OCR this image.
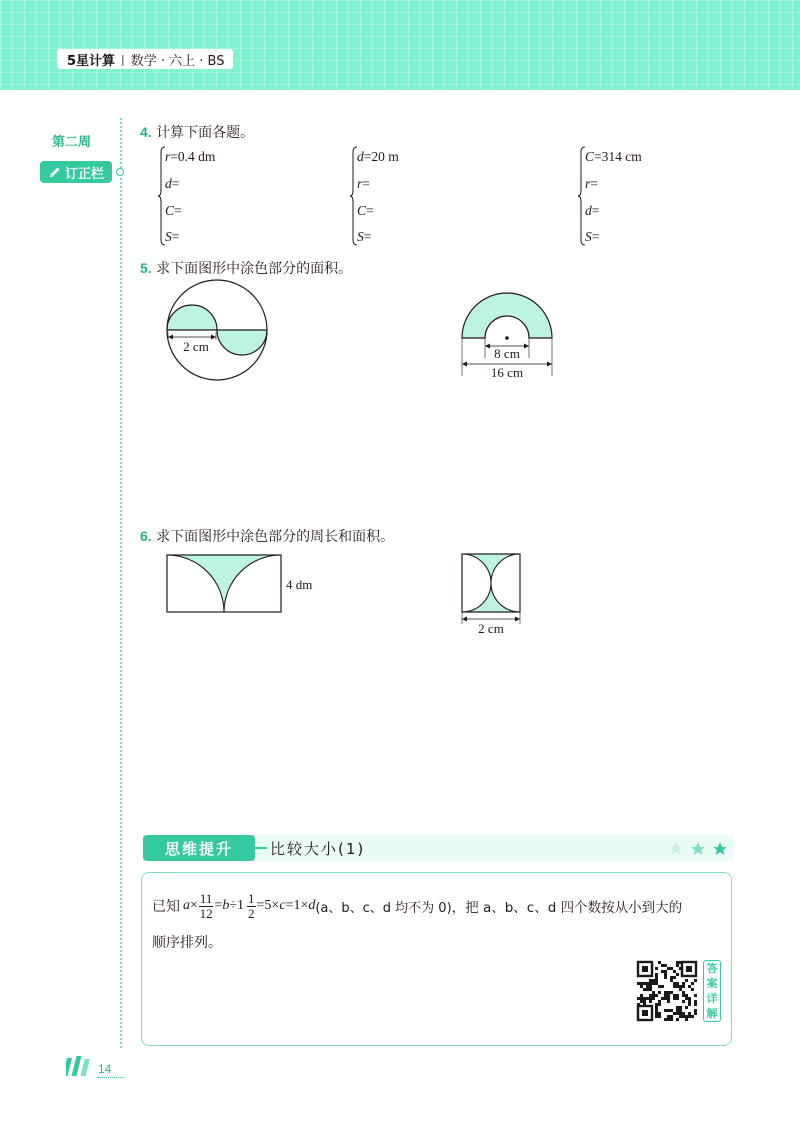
5星计算 | 数学 · 六上 · BS
第二周
订正栏
4. 计算下面各题。
r=0.4 dm
d=
C=
S=
d=20 m
r=
C=
S=
C=314 cm
r=
d=
S=
5. 求下面图形中涂色部分的面积。
2 cm	8 cm
16 cm
6. 求下面图形中涂色部分的周长和面积。
4 dm
2 cm
思维提升	比较大小(1)
已知 $a\times \frac{11}{12} =b\div 1 \frac{1}{2} =5\times c=1\times d$ (a、b、c、d 均不为 0) ，把 a、b、c、d 四个数按从小到大的
顺序排列。
答
案
详
解
14
